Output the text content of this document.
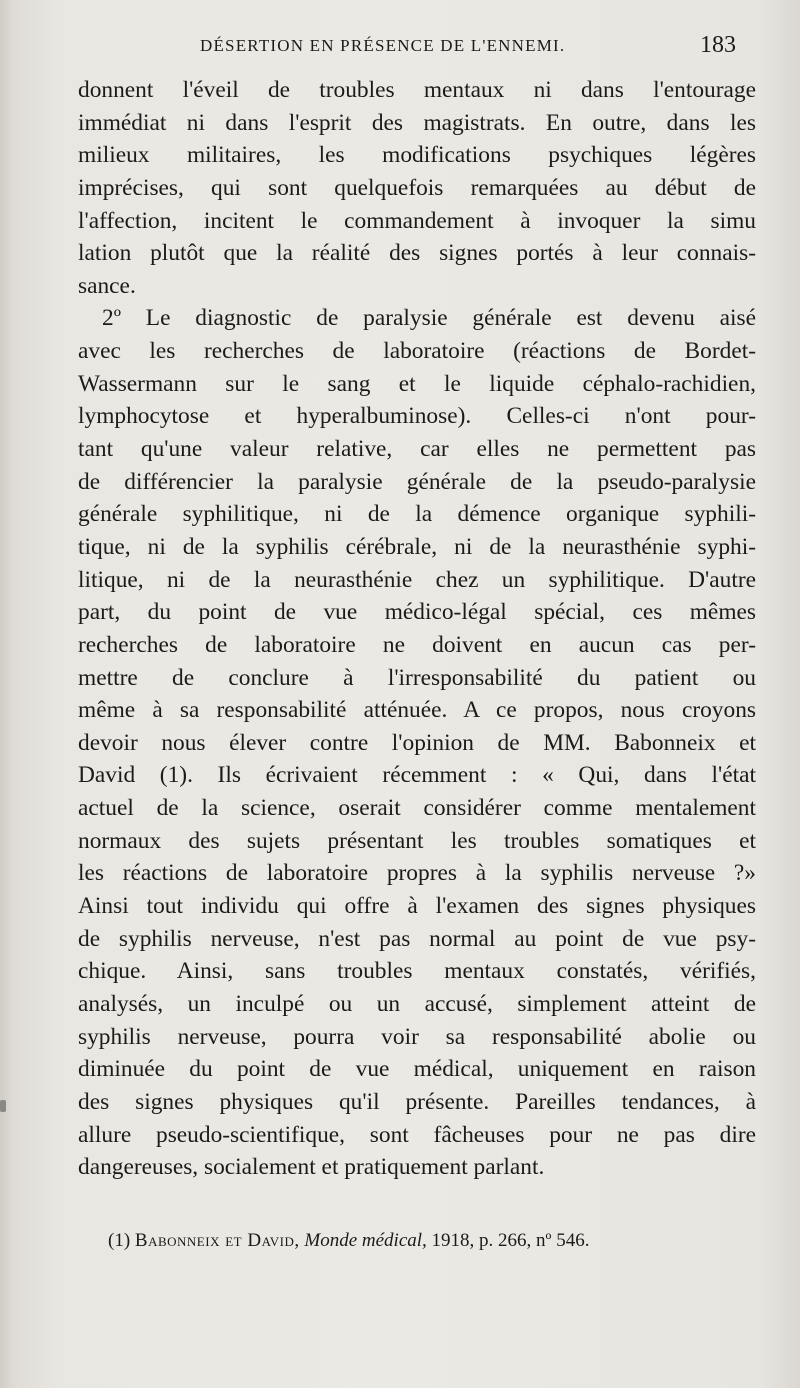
DÉSERTION EN PRÉSENCE DE L'ENNEMI.	183
donnent l'éveil de troubles mentaux ni dans l'entourage
immédiat ni dans l'esprit des magistrats. En outre, dans les
milieux militaires, les modifications psychiques légères
imprécises, qui sont quelquefois remarquées au début de
l'affection, incitent le commandement à invoquer la simu
lation plutôt que la réalité des signes portés à leur connais-
sance.
2º Le diagnostic de paralysie générale est devenu aisé
avec les recherches de laboratoire (réactions de Bordet-
Wassermann sur le sang et le liquide céphalo-rachidien,
lymphocytose et hyperalbuminose). Celles-ci n'ont pour-
tant qu'une valeur relative, car elles ne permettent pas
de différencier la paralysie générale de la pseudo-paralysie
générale syphilitique, ni de la démence organique syphili-
tique, ni de la syphilis cérébrale, ni de la neurasthénie syphi-
litique, ni de la neurasthénie chez un syphilitique. D'autre
part, du point de vue médico-légal spécial, ces mêmes
recherches de laboratoire ne doivent en aucun cas per-
mettre de conclure à l'irresponsabilité du patient ou
même à sa responsabilité atténuée. A ce propos, nous croyons
devoir nous élever contre l'opinion de MM. Babonneix et
David (1). Ils écrivaient récemment : « Qui, dans l'état
actuel de la science, oserait considérer comme mentalement
normaux des sujets présentant les troubles somatiques et
les réactions de laboratoire propres à la syphilis nerveuse ?»
Ainsi tout individu qui offre à l'examen des signes physiques
de syphilis nerveuse, n'est pas normal au point de vue psy-
chique. Ainsi, sans troubles mentaux constatés, vérifiés,
analysés, un inculpé ou un accusé, simplement atteint de
syphilis nerveuse, pourra voir sa responsabilité abolie ou
diminuée du point de vue médical, uniquement en raison
des signes physiques qu'il présente. Pareilles tendances, à
allure pseudo-scientifique, sont fâcheuses pour ne pas dire
dangereuses, socialement et pratiquement parlant.
(1) Babonneix et David, Monde médical, 1918, p. 266, nº 546.
